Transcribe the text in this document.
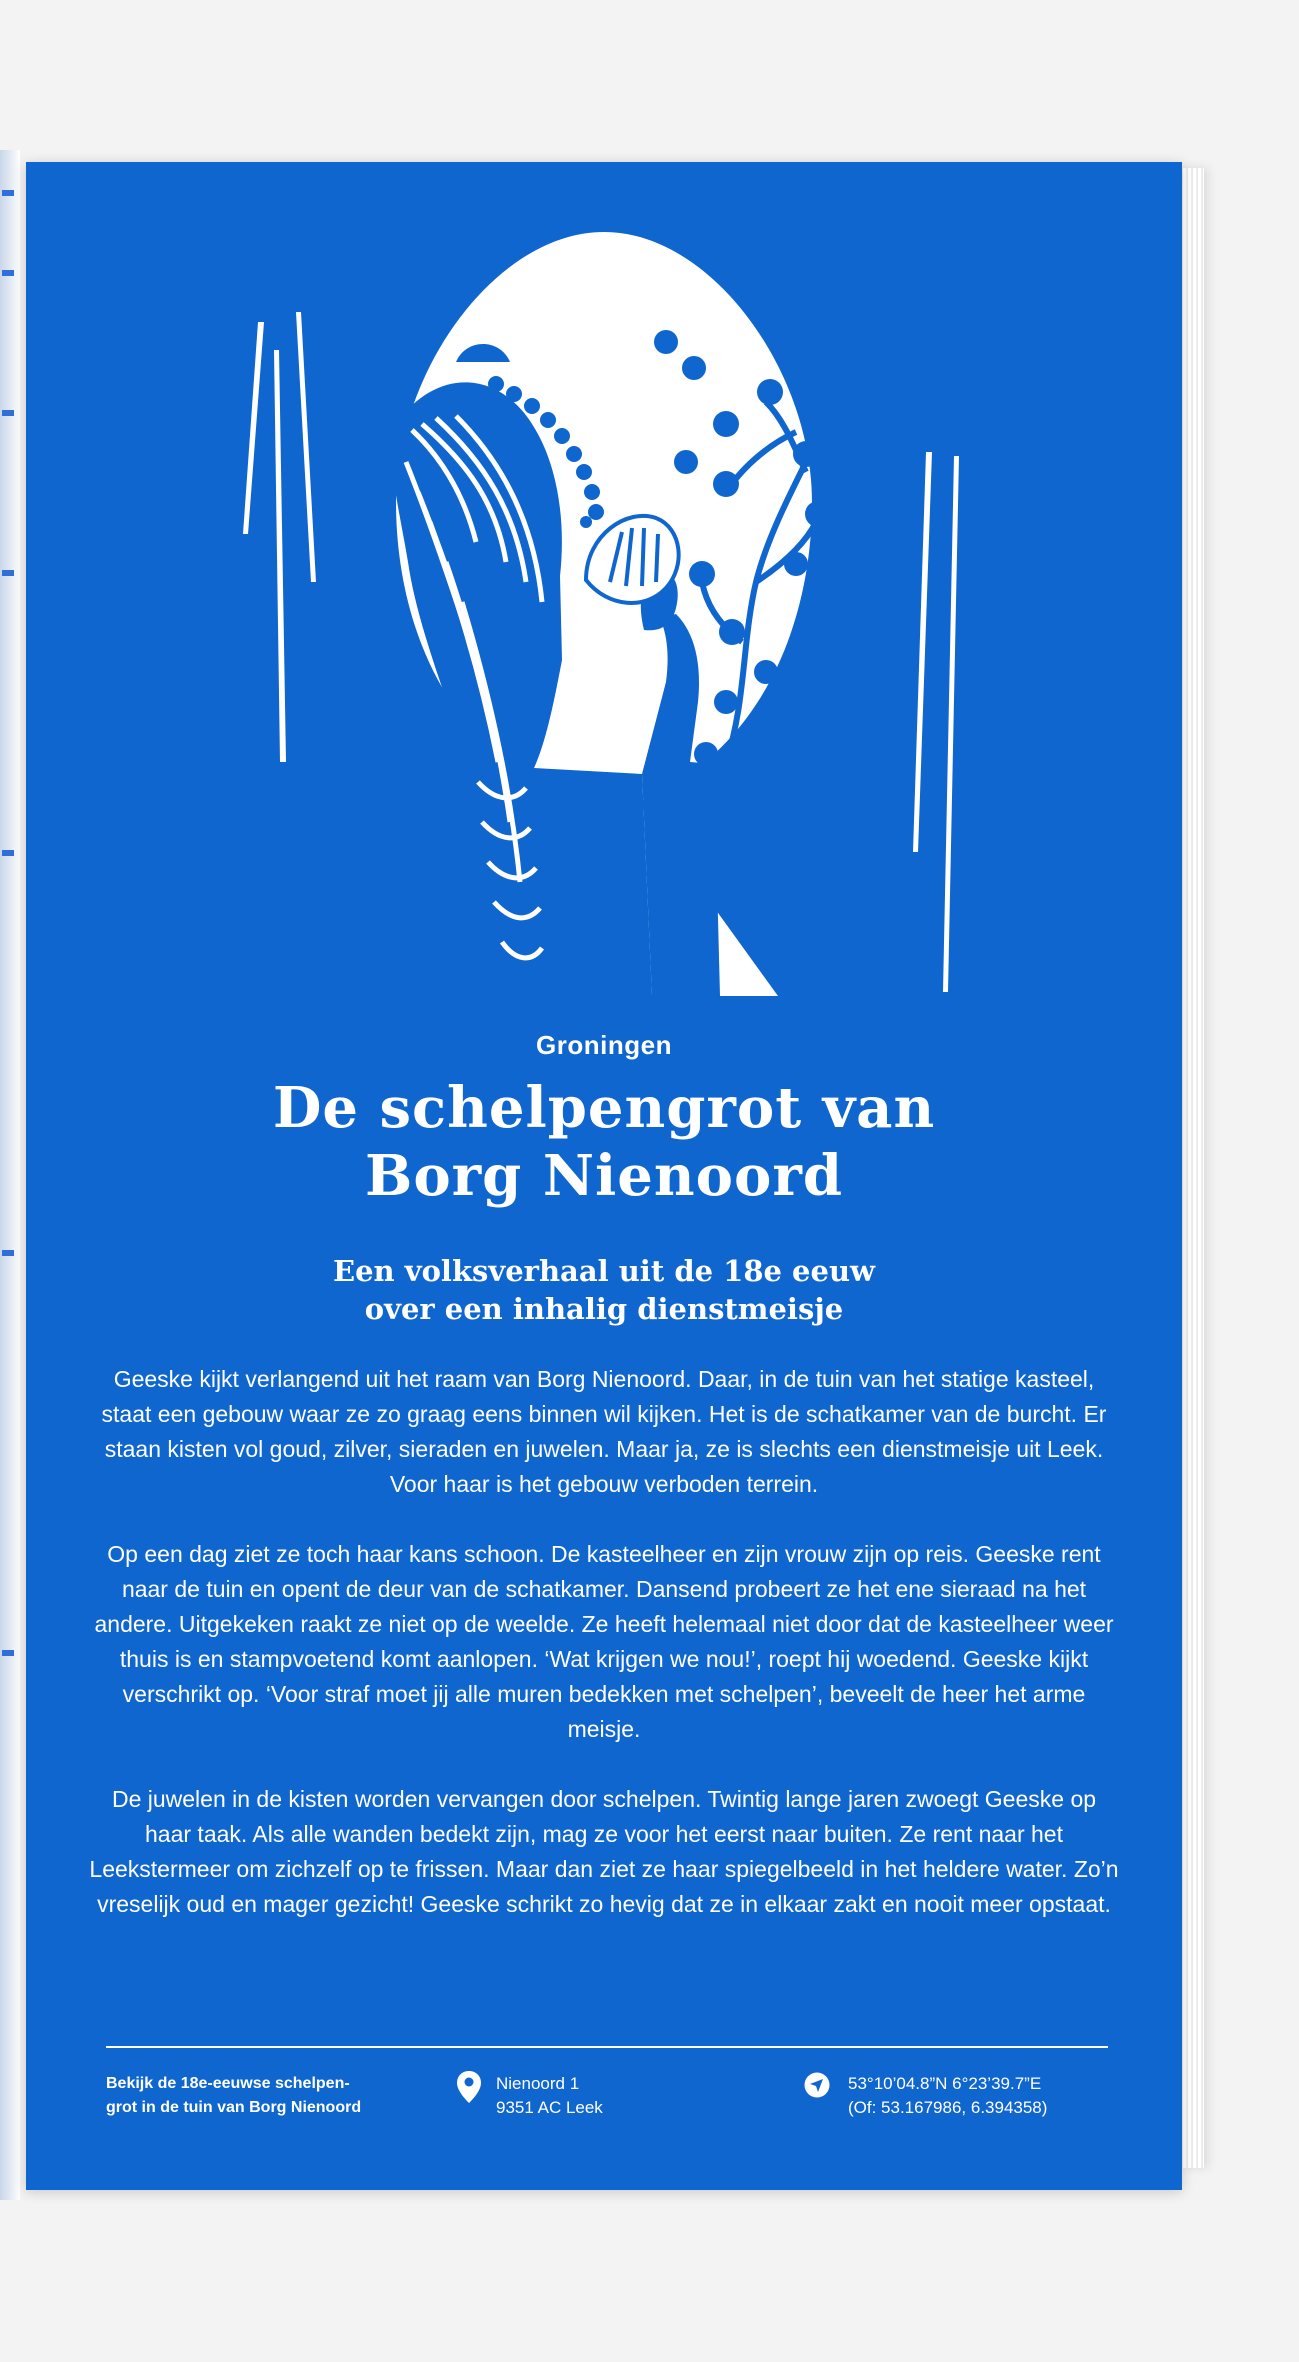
Groningen

De schelpengrot van
Borg Nienoord
Een volksverhaal uit de 18e eeuw
over een inhalig dienstmeisje

Geeske kijkt verlangend uit het raam van Borg Nienoord. Daar, in de tuin van het statige kasteel, staat een gebouw waar ze zo graag eens binnen wil kijken. Het is de schatkamer van de burcht. Er staan kisten vol goud, zilver, sieraden en juwelen. Maar ja, ze is slechts een dienstmeisje uit Leek. Voor haar is het gebouw verboden terrein.

Op een dag ziet ze toch haar kans schoon. De kasteelheer en zijn vrouw zijn op reis. Geeske rent naar de tuin en opent de deur van de schatkamer. Dansend probeert ze het ene sieraad na het andere. Uitgekeken raakt ze niet op de weelde. Ze heeft helemaal niet door dat de kasteelheer weer thuis is en stampvoetend komt aanlopen. ‘Wat krijgen we nou!’, roept hij woedend. Geeske kijkt verschrikt op. ‘Voor straf moet jij alle muren bedekken met schelpen’, beveelt de heer het arme meisje.

De juwelen in de kisten worden vervangen door schelpen. Twintig lange jaren zwoegt Geeske op haar taak. Als alle wanden bedekt zijn, mag ze voor het eerst naar buiten. Ze rent naar het Leekstermeer om zichzelf op te frissen. Maar dan ziet ze haar spiegelbeeld in het heldere water. Zo’n vreselijk oud en mager gezicht! Geeske schrikt zo hevig dat ze in elkaar zakt en nooit meer opstaat.

Bekijk de 18e-eeuwse schelpen-
grot in de tuin van Borg Nienoord
Nienoord 1
9351 AC Leek
53°10’04.8”N 6°23’39.7”E
(Of: 53.167986, 6.394358)
